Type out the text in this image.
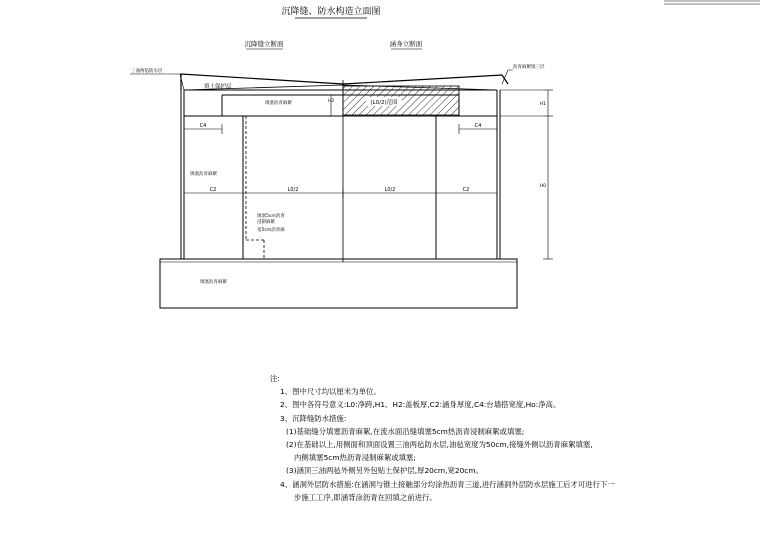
沉降缝、防水构造立面图
沉降缝立断面	涵身立断面
(L0/2)范围
三油两毡防水层
沥青麻絮填三层
填土保护层
填塞沥青麻絮	H2
C4	C4
填塞沥青麻絮
C2	L0/2	L0/2	C2
H1
H0
填塞5cm沥青
浸制麻絮
宽5cm沥青麻
填塞沥青麻絮
注:
1、图中尺寸均以厘米为单位。
2、图中各符号意义:L0:净跨,H1、H2:盖板厚,C2:涵身厚度,C4:台墙搭宽度,Ho:净高。
3、沉降缝防水措施:
(1)基础缝分填塞沥青麻絮,在流水面沿缝填塞5cm热沥青浸制麻絮或填塞;
(2)在基础以上,用侧面和顶面设置三油两毡防水层,油毡宽度为50cm,接缝外侧以沥青麻絮填塞,
内侧填塞5cm热沥青浸制麻絮或填塞;
(3)涵顶三油两毡外侧另外包贴土保护层,厚20cm,宽20cm。
4、涵洞外层防水措施:在涵洞与锥土接触部分均涂热沥青三道,进行涵洞外层防水层施工后才可进行下一
步施工工序,即涵背涂沥青在回填之前进行。
